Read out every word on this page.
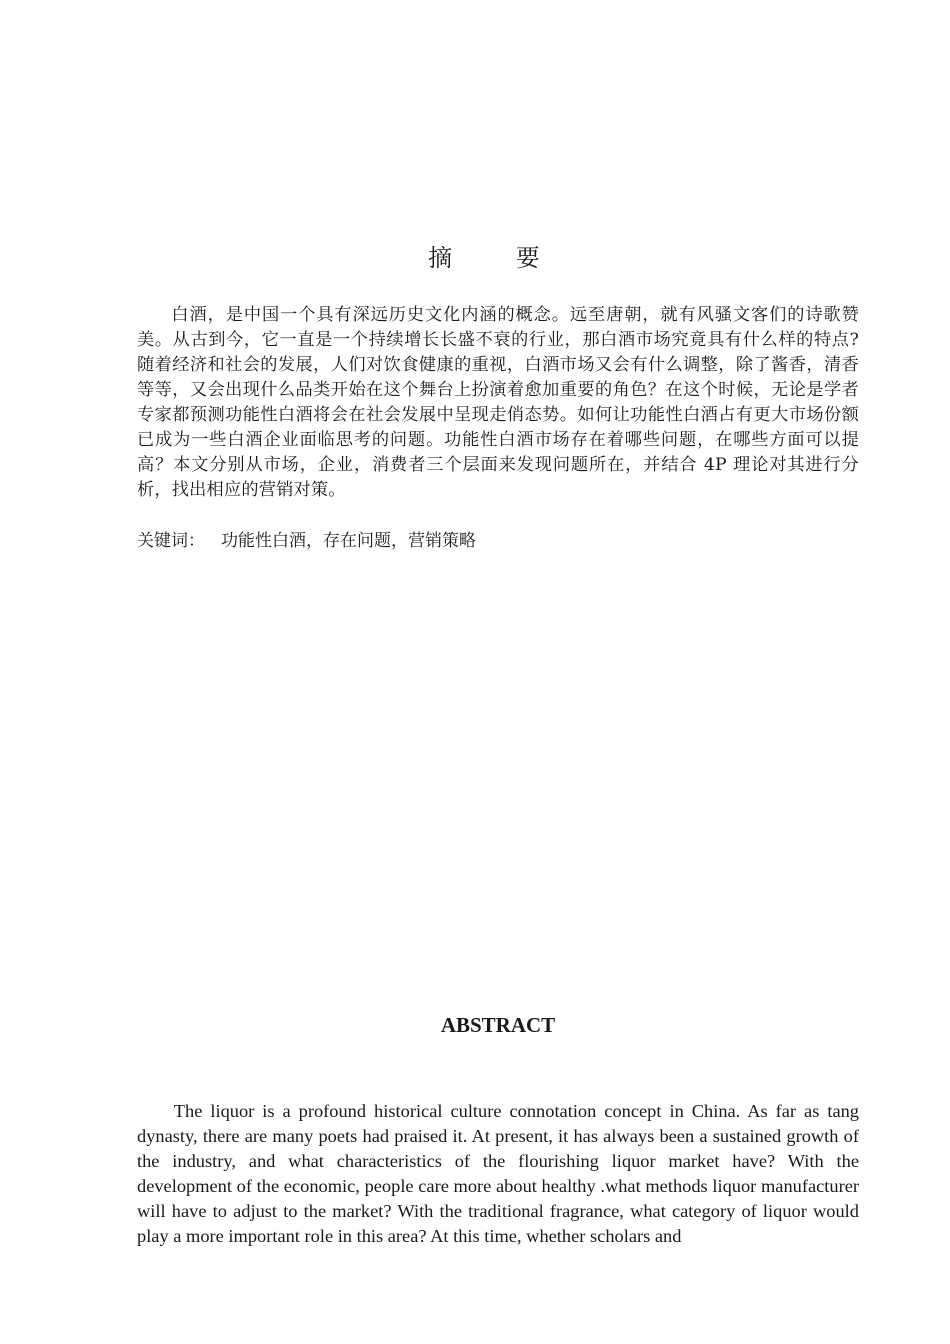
摘 要

白酒，是中国一个具有深远历史文化内涵的概念。远至唐朝，就有风骚文客们的诗歌赞美。从古到今，它一直是一个持续增长长盛不衰的行业，那白酒市场究竟具有什么样的特点?随着经济和社会的发展，人们对饮食健康的重视，白酒市场又会有什么调整，除了酱香，清香等等，又会出现什么品类开始在这个舞台上扮演着愈加重要的角色？在这个时候，无论是学者专家都预测功能性白酒将会在社会发展中呈现走俏态势。如何让功能性白酒占有更大市场份额已成为一些白酒企业面临思考的问题。功能性白酒市场存在着哪些问题，在哪些方面可以提高？本文分别从市场，企业，消费者三个层面来发现问题所在，并结合 4P 理论对其进行分析，找出相应的营销对策。

关键词： 功能性白酒，存在问题，营销策略

ABSTRACT

The liquor is a profound historical culture connotation concept in China. As far as tang dynasty, there are many poets had praised it. At present, it has always been a sustained growth of the industry, and what characteristics of the flourishing liquor market have? With the development of the economic, people care more about healthy .what methods liquor manufacturer will have to adjust to the market? With the traditional fragrance, what category of liquor would play a more important role in this area? At this time, whether scholars and
